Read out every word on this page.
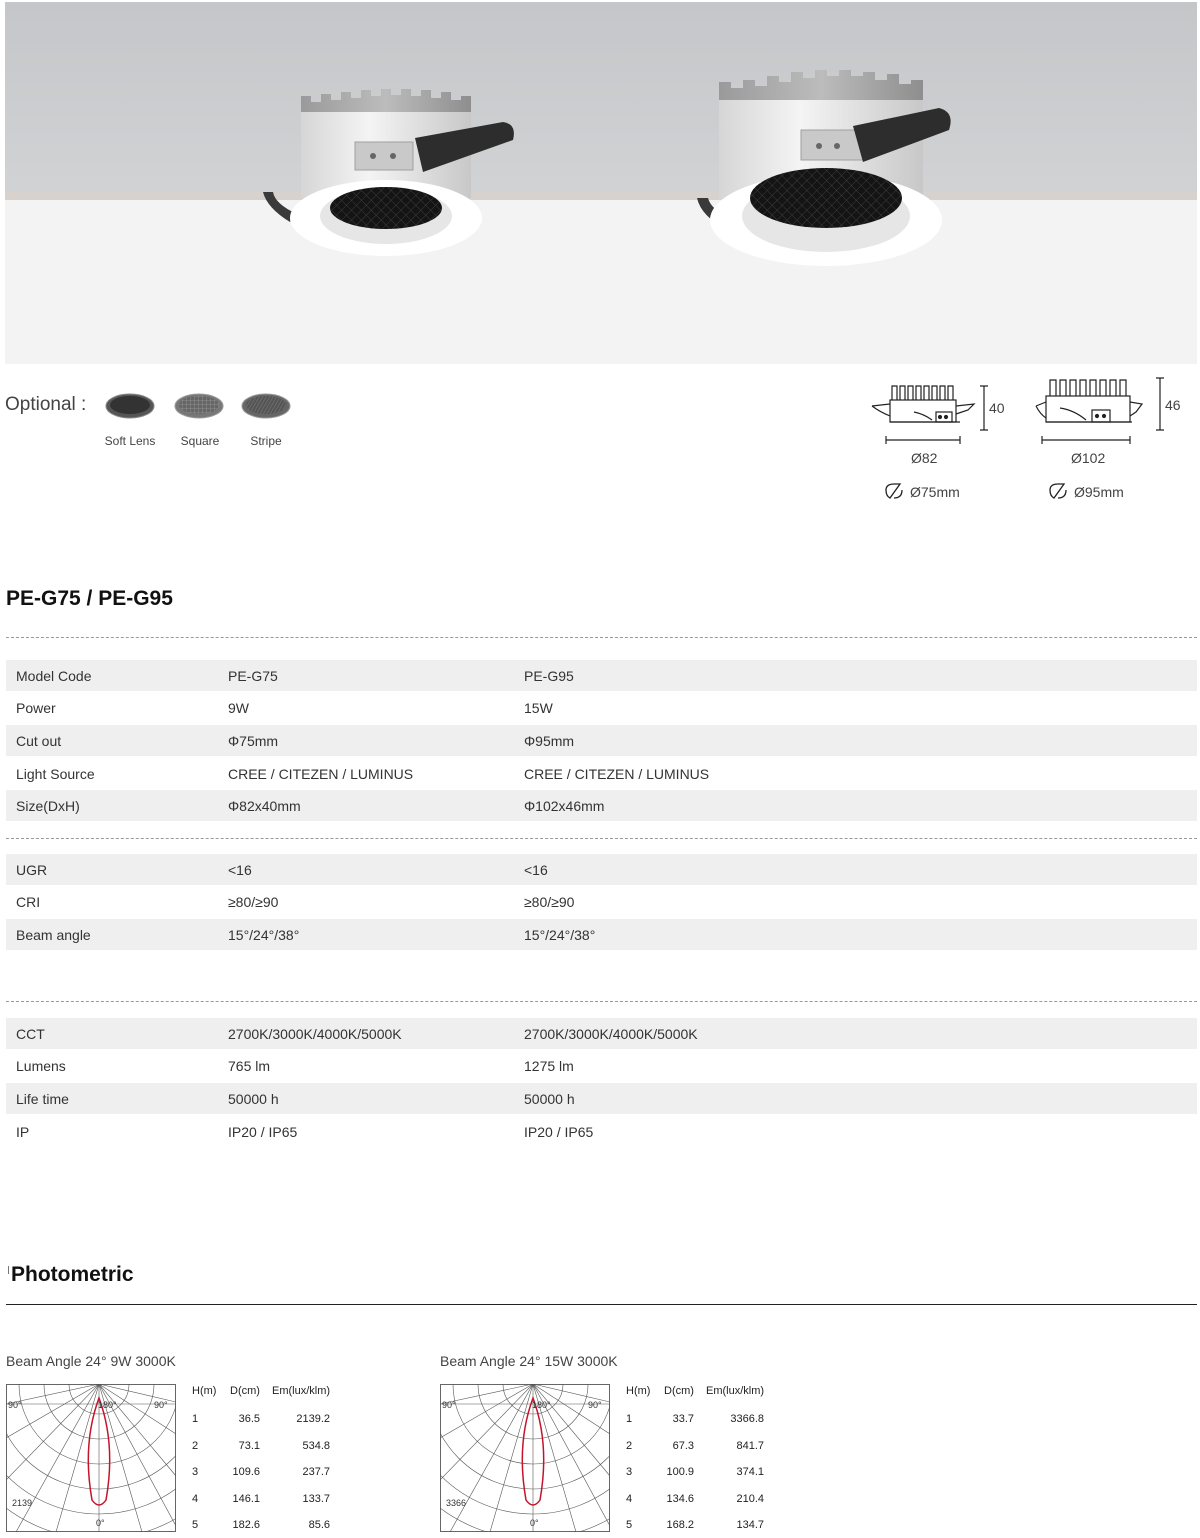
Optional :
Soft Lens	Square	Stripe
40
Ø82
Ø75mm
46
Ø102
Ø95mm
PE-G75 / PE-G95
Model Code	PE-G75	PE-G95
Power	9W	15W
Cut out	Φ75mm	Φ95mm
Light Source	CREE / CITEZEN / LUMINUS	CREE / CITEZEN / LUMINUS
Size(DxH)	Φ82x40mm	Φ102x46mm
UGR	<16	<16
CRI	≥80/≥90	≥80/≥90
Beam angle	15°/24°/38°	15°/24°/38°
CCT	2700K/3000K/4000K/5000K	2700K/3000K/4000K/5000K
Lumens	765 lm	1275 lm
Life time	50000 h	50000 h
IP	IP20 / IP65	IP20 / IP65
Photometric
Beam Angle 24° 9W 3000K	Beam Angle 24° 15W 3000K
90°	180°	90°
0°
2139
90°	180°	90°
0°
3366
H(m) D(cm) Em(lux/klm)
1	36.5	2139.2
2	73.1	534.8
3	109.6	237.7
4	146.1	133.7
5	182.6	85.6
H(m) D(cm) Em(lux/klm)
1	33.7	3366.8
2	67.3	841.7
3	100.9	374.1
4	134.6	210.4
5	168.2	134.7
